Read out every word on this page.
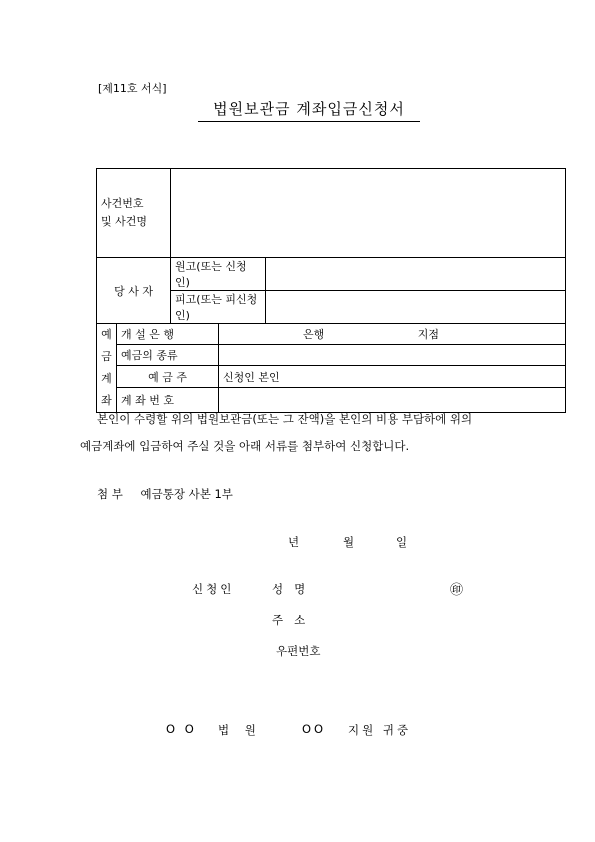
[제11호 서식]
법원보관금 계좌입금신청서
사건번호
및 사건명				

당 사 자		원고(또는 신청인)		
		피고(또는 피신청인)		

예
금
계
좌	개 설 은 행		은행 지점	
	예금의 종류			
	예 금 주		신청인 본인	
	계 좌 번 호			
본인이 수령할 위의 법원보관금(또는 그 잔액)을 본인의 비용 부담하에 위의
예금계좌에 입금하여 주실 것을 아래 서류를 첨부하여 신청합니다.
첨 부 예금통장 사본 1부
년	월	일
신청인	성   명	㊞
주   소
우편번호
O O 법 원	OO 지원 귀중
